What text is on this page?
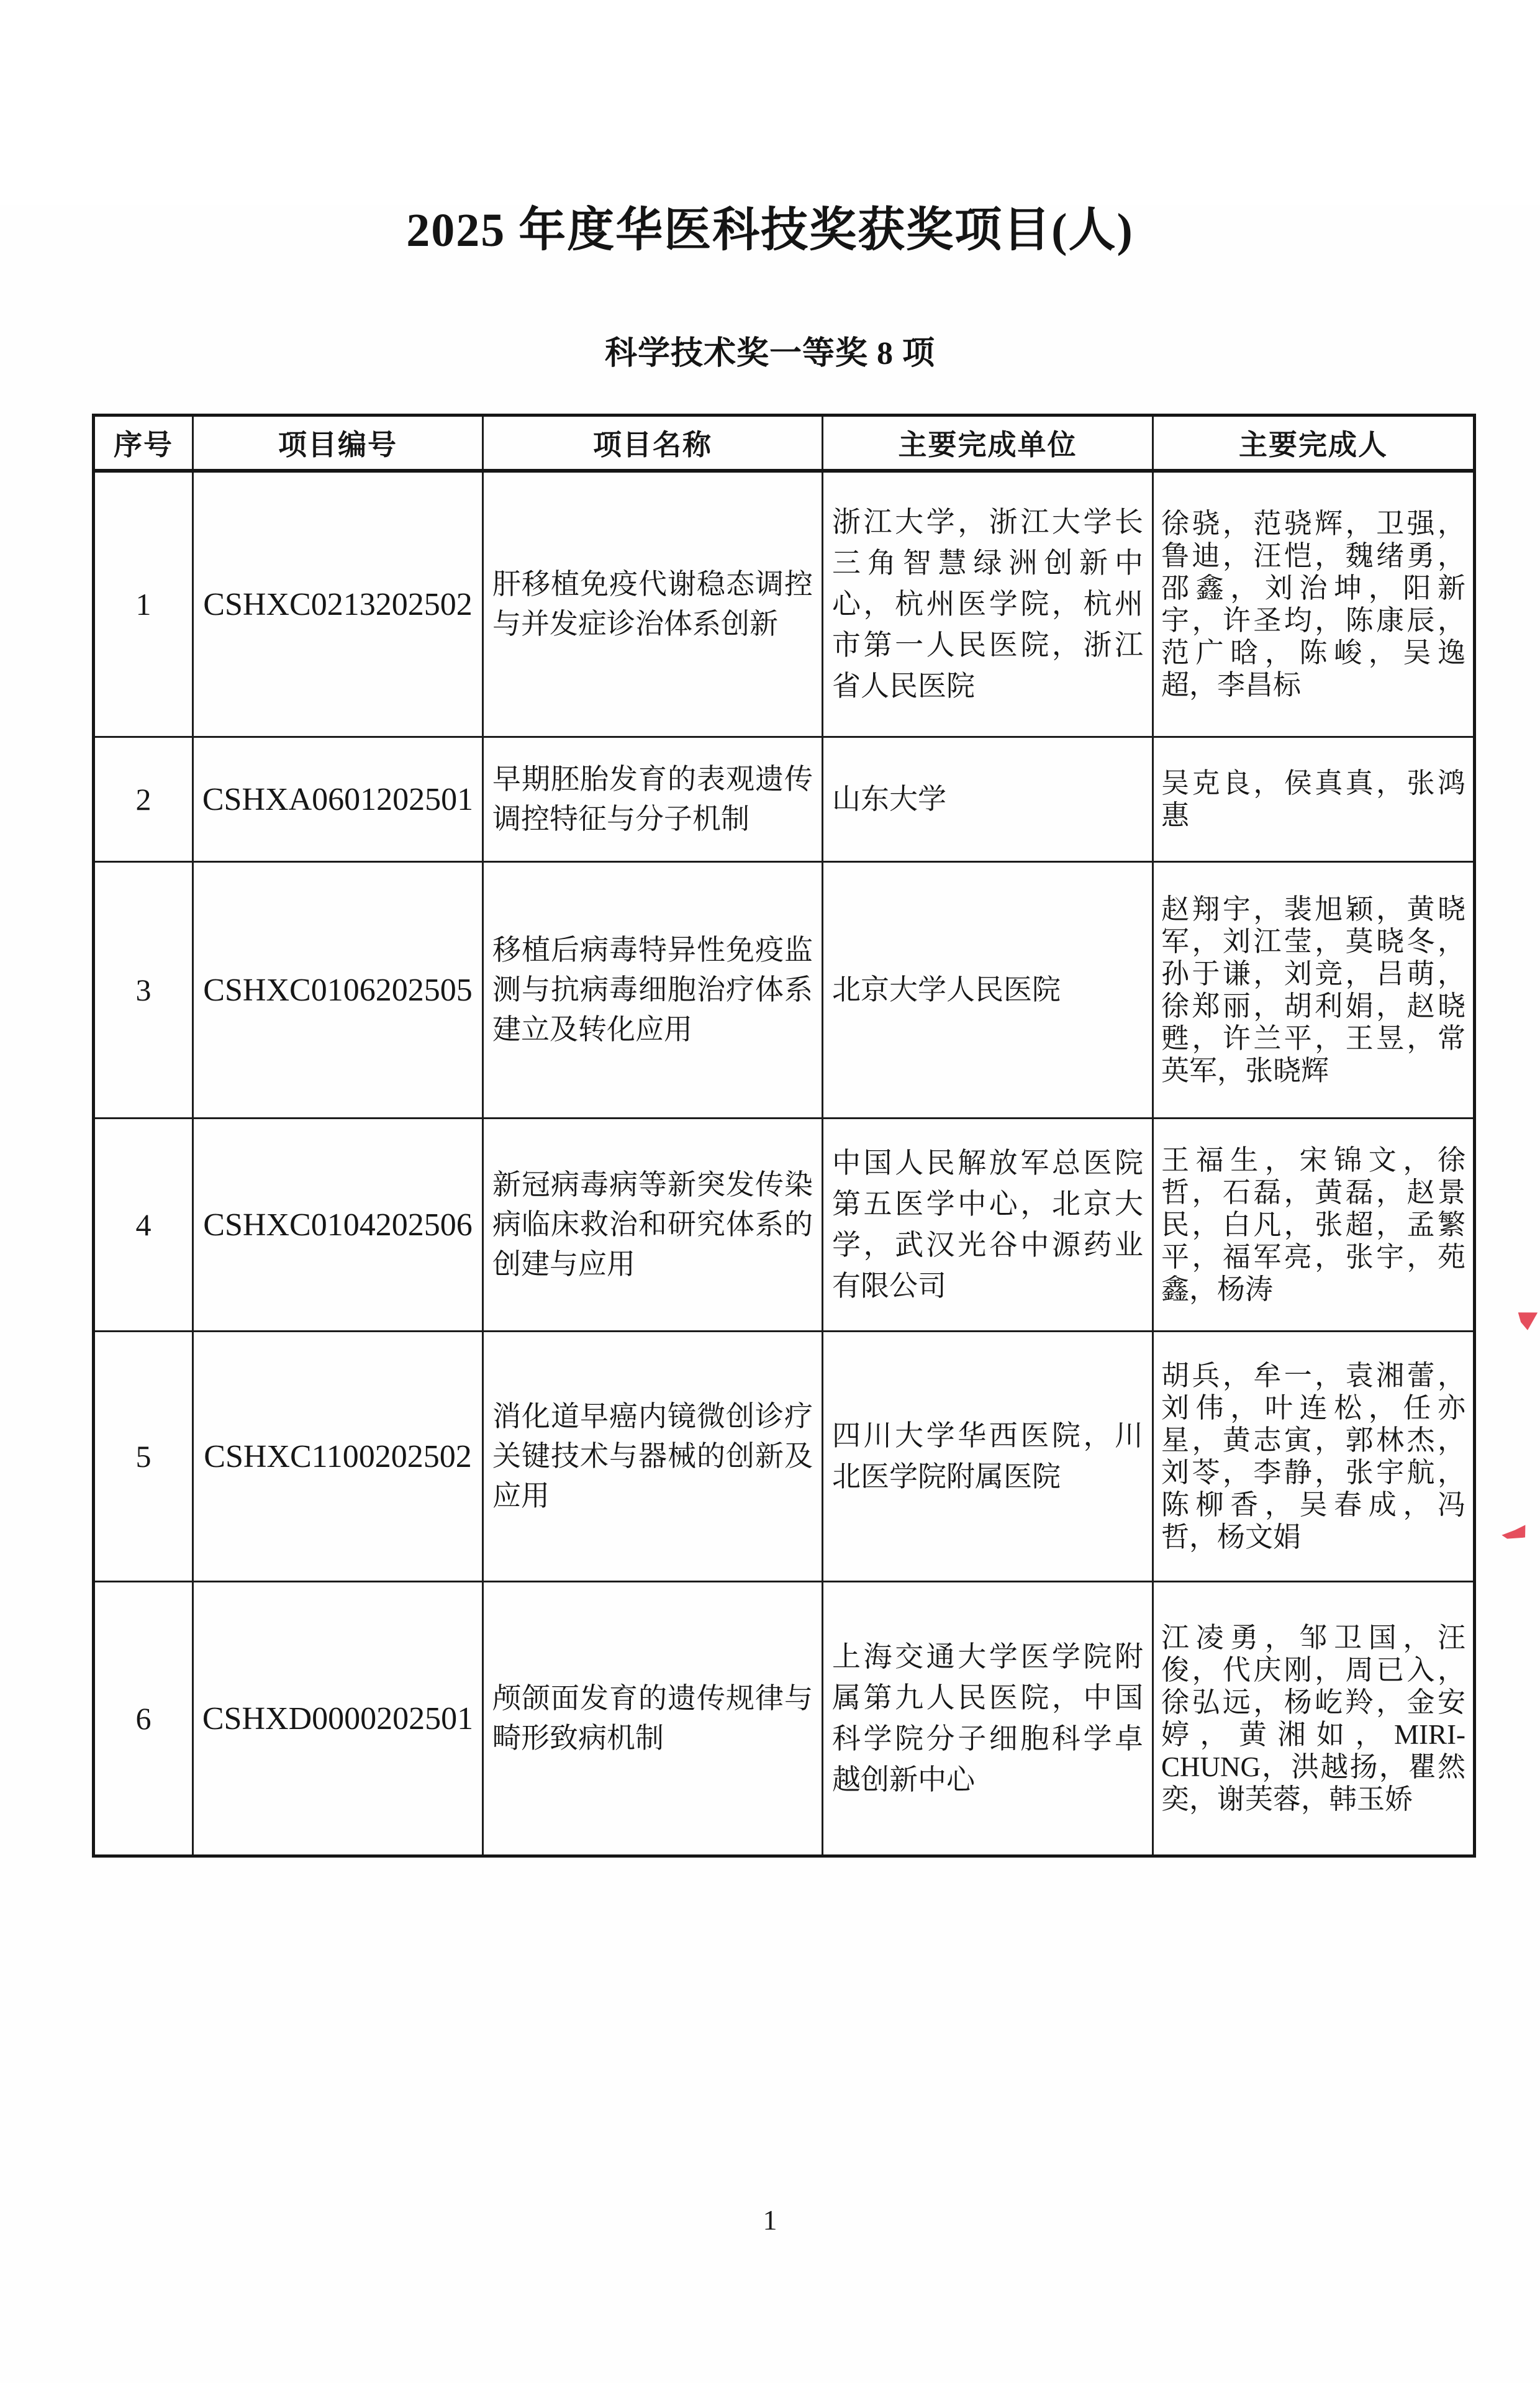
2025 年度华医科技奖获奖项目(人)
科学技术奖一等奖 8 项
序号	项目编号	项目名称	主要完成单位	主要完成人
1	CSHXC0213202502	肝移植免疫代谢稳态调控与并发症诊治体系创新	浙江大学，浙江大学长三角智慧绿洲创新中心，杭州医学院，杭州市第一人民医院，浙江省人民医院	徐骁，范骁辉，卫强，鲁迪，汪恺，魏绪勇，邵鑫，刘治坤，阳新宇，许圣均，陈康辰，范广晗，陈峻，吴逸超，李昌标
2	CSHXA0601202501	早期胚胎发育的表观遗传调控特征与分子机制	山东大学	吴克良，侯真真，张鸿惠
3	CSHXC0106202505	移植后病毒特异性免疫监测与抗病毒细胞治疗体系建立及转化应用	北京大学人民医院	赵翔宇，裴旭颖，黄晓军，刘江莹，莫晓冬，孙于谦，刘竞，吕萌，徐郑丽，胡利娟，赵晓甦，许兰平，王昱，常英军，张晓辉
4	CSHXC0104202506	新冠病毒病等新突发传染病临床救治和研究体系的创建与应用	中国人民解放军总医院第五医学中心，北京大学，武汉光谷中源药业有限公司	王福生，宋锦文，徐哲，石磊，黄磊，赵景民，白凡，张超，孟繁平，福军亮，张宇，苑鑫，杨涛
5	CSHXC1100202502	消化道早癌内镜微创诊疗关键技术与器械的创新及应用	四川大学华西医院，川北医学院附属医院	胡兵，牟一，袁湘蕾，刘伟，叶连松，任亦星，黄志寅，郭林杰，刘苓，李静，张宇航，陈柳香，吴春成，冯哲，杨文娟
6	CSHXD0000202501	颅颌面发育的遗传规律与畸形致病机制	上海交通大学医学院附属第九人民医院，中国科学院分子细胞科学卓越创新中心	江凌勇，邹卫国，汪俊，代庆刚，周已入，徐弘远，杨屹羚，金安婷，黄湘如，MIRI-CHUNG，洪越扬，瞿然奕，谢芙蓉，韩玉娇
1
